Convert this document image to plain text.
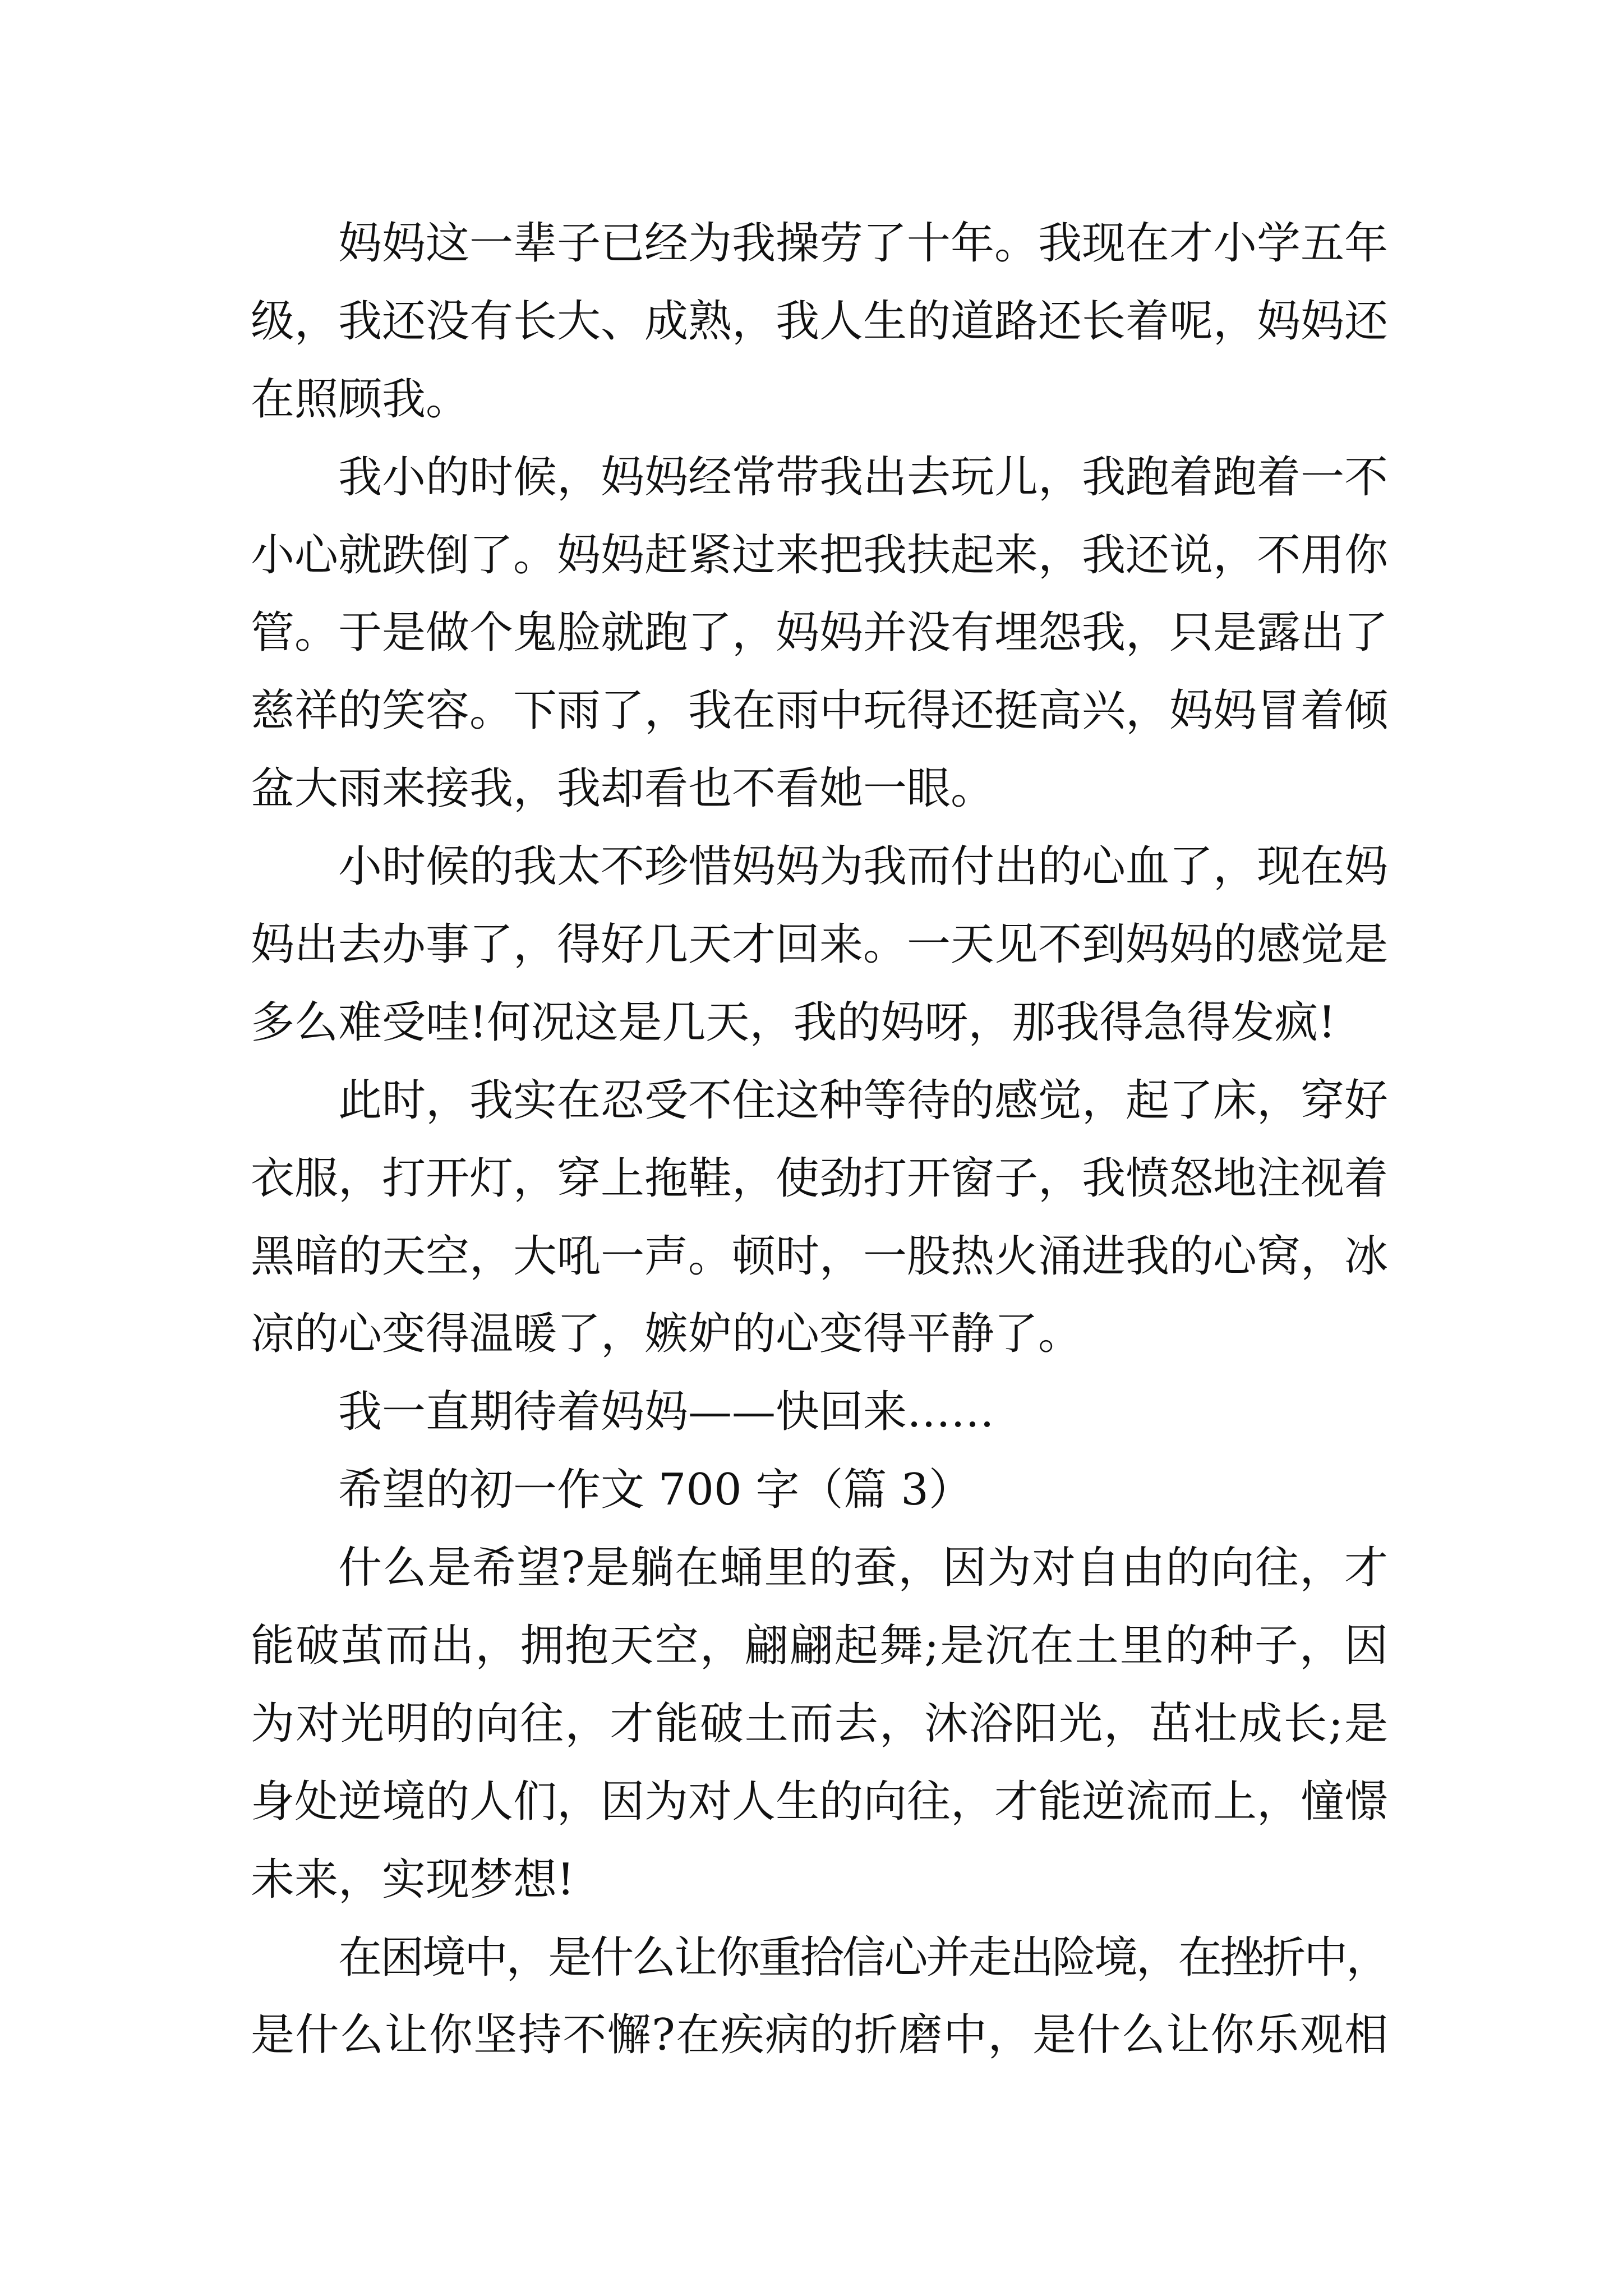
妈妈这一辈子已经为我操劳了十年。我现在才小学五年
级，我还没有长大、成熟，我人生的道路还长着呢，妈妈还
在照顾我。
我小的时候，妈妈经常带我出去玩儿，我跑着跑着一不
小心就跌倒了。妈妈赶紧过来把我扶起来，我还说，不用你
管。于是做个鬼脸就跑了，妈妈并没有埋怨我，只是露出了
慈祥的笑容。下雨了，我在雨中玩得还挺高兴，妈妈冒着倾
盆大雨来接我，我却看也不看她一眼。
小时候的我太不珍惜妈妈为我而付出的心血了，现在妈
妈出去办事了，得好几天才回来。一天见不到妈妈的感觉是
多么难受哇!何况这是几天，我的妈呀，那我得急得发疯!
此时，我实在忍受不住这种等待的感觉，起了床，穿好
衣服，打开灯，穿上拖鞋，使劲打开窗子，我愤怒地注视着
黑暗的天空，大吼一声。顿时，一股热火涌进我的心窝，冰
凉的心变得温暖了，嫉妒的心变得平静了。
我一直期待着妈妈——快回来……
希望的初一作文 700 字（篇 3）
什么是希望?是躺在蛹里的蚕，因为对自由的向往，才
能破茧而出，拥抱天空，翩翩起舞;是沉在土里的种子，因
为对光明的向往，才能破土而去，沐浴阳光，茁壮成长;是
身处逆境的人们，因为对人生的向往，才能逆流而上，憧憬
未来，实现梦想!
在困境中，是什么让你重拾信心并走出险境，在挫折中，
是什么让你坚持不懈?在疾病的折磨中，是什么让你乐观相
